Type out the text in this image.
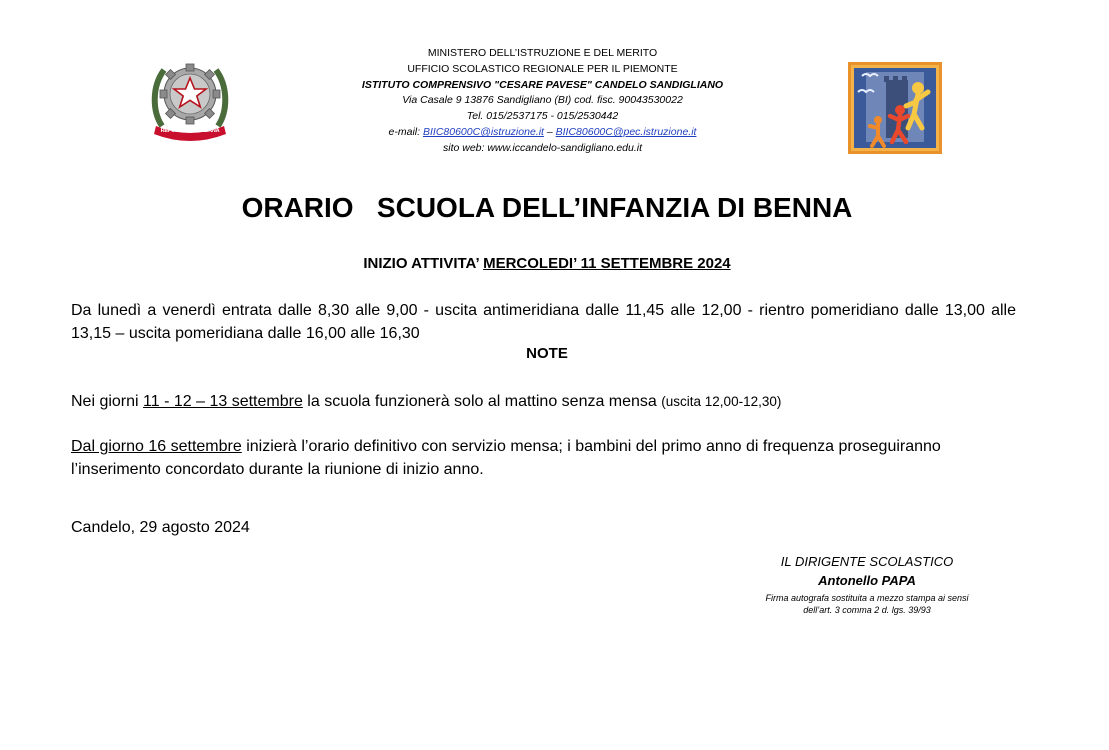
REPUBBLICA ITALIANA
MINISTERO DELL’ISTRUZIONE E DEL MERITO
UFFICIO SCOLASTICO REGIONALE PER IL PIEMONTE
ISTITUTO COMPRENSIVO "CESARE PAVESE" CANDELO SANDIGLIANO
Via Casale 9 13876 Sandigliano (BI) cod. fisc. 90043530022
Tel. 015/2537175 - 015/2530442
e-mail: BIIC80600C@istruzione.it – BIIC80600C@pec.istruzione.it
sito web: www.iccandelo-sandigliano.edu.it
ORARIO   SCUOLA DELL’INFANZIA DI BENNA
INIZIO ATTIVITA’ MERCOLEDI’ 11 SETTEMBRE 2024
Da lunedì a venerdì entrata dalle 8,30 alle 9,00 - uscita antimeridiana dalle 11,45 alle 12,00 - rientro pomeridiano dalle 13,00 alle 13,15 – uscita pomeridiana dalle 16,00 alle 16,30
NOTE
Nei giorni 11 - 12 – 13 settembre la scuola funzionerà solo al mattino senza mensa (uscita 12,00-12,30)
Dal giorno 16 settembre inizierà l’orario definitivo con servizio mensa; i bambini del primo anno di frequenza proseguiranno l’inserimento concordato durante la riunione di inizio anno.
Candelo, 29 agosto 2024
IL DIRIGENTE SCOLASTICO
Antonello PAPA
Firma autografa sostituita a mezzo stampa ai sensi
dell’art. 3 comma 2 d. lgs. 39/93
